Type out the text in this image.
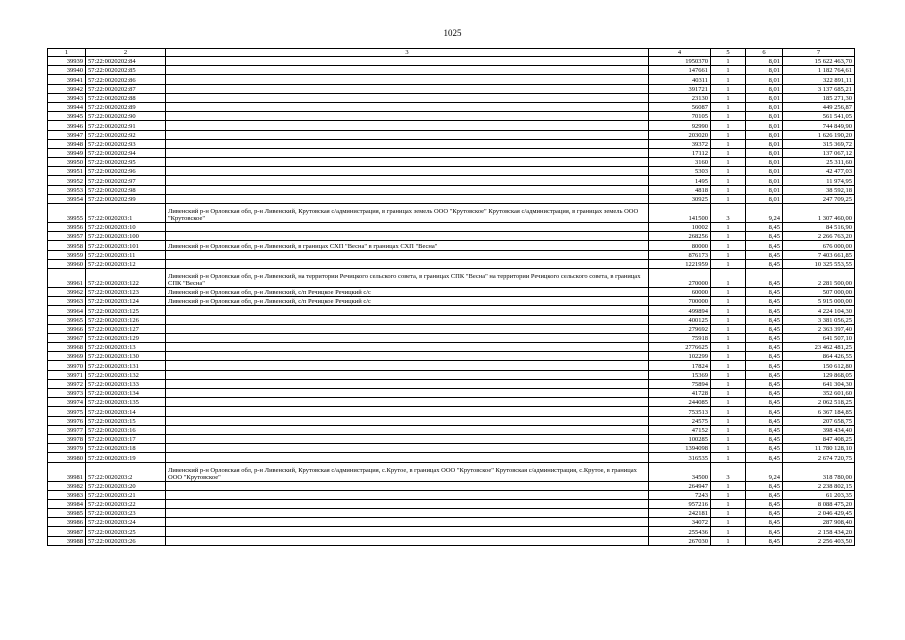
1025
1	2	3	4	5	6	7
39939	57:22:0020202:84		1950370	1	8,01	15 622 463,70
39940	57:22:0020202:85		147661	1	8,01	1 182 764,61
39941	57:22:0020202:86		40311	1	8,01	322 891,11
39942	57:22:0020202:87		391721	1	8,01	3 137 685,21
39943	57:22:0020202:88		23130	1	8,01	185 271,30
39944	57:22:0020202:89		56087	1	8,01	449 256,87
39945	57:22:0020202:90		70105	1	8,01	561 541,05
39946	57:22:0020202:91		92990	1	8,01	744 849,90
39947	57:22:0020202:92		203020	1	8,01	1 626 190,20
39948	57:22:0020202:93		39372	1	8,01	315 369,72
39949	57:22:0020202:94		17112	1	8,01	137 067,12
39950	57:22:0020202:95		3160	1	8,01	25 311,60
39951	57:22:0020202:96		5303	1	8,01	42 477,03
39952	57:22:0020202:97		1495	1	8,01	11 974,95
39953	57:22:0020202:98		4818	1	8,01	38 592,18
39954	57:22:0020202:99		30925	1	8,01	247 709,25
39955	57:22:0020203:1	Ливенский р-н Орловская обл, р-н Ливенский, Крутовская с/администрация, в границах земель ООО "Крутовское" Крутовская с/администрация, в границах земель ООО "Крутовское"	141500	3	9,24	1 307 460,00
39956	57:22:0020203:10		10002	1	8,45	84 516,90
39957	57:22:0020203:100		268256	1	8,45	2 266 763,20
39958	57:22:0020203:101	Ливенский р-н Орловская обл, р-н Ливенский, в границах СХП "Весна" в границах СХП "Весна"	80000	1	8,45	676 000,00
39959	57:22:0020203:11		876173	1	8,45	7 403 661,85
39960	57:22:0020203:12		1221959	1	8,45	10 325 553,55
39961	57:22:0020203:122	Ливенский р-н Орловская обл, р-н Ливенский, на территории Речицкого сельского совета, в границах СПК "Весна" на территории Речицкого сельского совета, в границах СПК "Весна"	270000	1	8,45	2 281 500,00
39962	57:22:0020203:123	Ливенский р-н Орловская обл, р-н Ливенский, с/п Речицкое Речицкий с/с	60000	1	8,45	507 000,00
39963	57:22:0020203:124	Ливенский р-н Орловская обл, р-н Ливенский, с/п Речицкое Речицкий с/с	700000	1	8,45	5 915 000,00
39964	57:22:0020203:125		499894	1	8,45	4 224 104,30
39965	57:22:0020203:126		400125	1	8,45	3 381 056,25
39966	57:22:0020203:127		279692	1	8,45	2 363 397,40
39967	57:22:0020203:129		75918	1	8,45	641 507,10
39968	57:22:0020203:13		2776625	1	8,45	23 462 481,25
39969	57:22:0020203:130		102299	1	8,45	864 426,55
39970	57:22:0020203:131		17824	1	8,45	150 612,80
39971	57:22:0020203:132		15369	1	8,45	129 868,05
39972	57:22:0020203:133		75894	1	8,45	641 304,30
39973	57:22:0020203:134		41728	1	8,45	352 601,60
39974	57:22:0020203:135		244085	1	8,45	2 062 518,25
39975	57:22:0020203:14		753513	1	8,45	6 367 184,85
39976	57:22:0020203:15		24575	1	8,45	207 658,75
39977	57:22:0020203:16		47152	1	8,45	398 434,40
39978	57:22:0020203:17		100285	1	8,45	847 408,25
39979	57:22:0020203:18		1394098	1	8,45	11 780 128,10
39980	57:22:0020203:19		316535	1	8,45	2 674 720,75
39981	57:22:0020203:2	Ливенский р-н Орловская обл, р-н Ливенский, Крутовская с/администрация, с.Крутое, в границах ООО "Крутовское" Крутовская с/администрация, с.Крутое, в границах ООО "Крутовское"	34500	3	9,24	318 780,00
39982	57:22:0020203:20		264947	1	8,45	2 238 802,15
39983	57:22:0020203:21		7243	1	8,45	61 203,35
39984	57:22:0020203:22		957216	1	8,45	8 088 475,20
39985	57:22:0020203:23		242181	1	8,45	2 046 429,45
39986	57:22:0020203:24		34072	1	8,45	287 908,40
39987	57:22:0020203:25		255436	1	8,45	2 158 434,20
39988	57:22:0020203:26		267030	1	8,45	2 256 403,50
